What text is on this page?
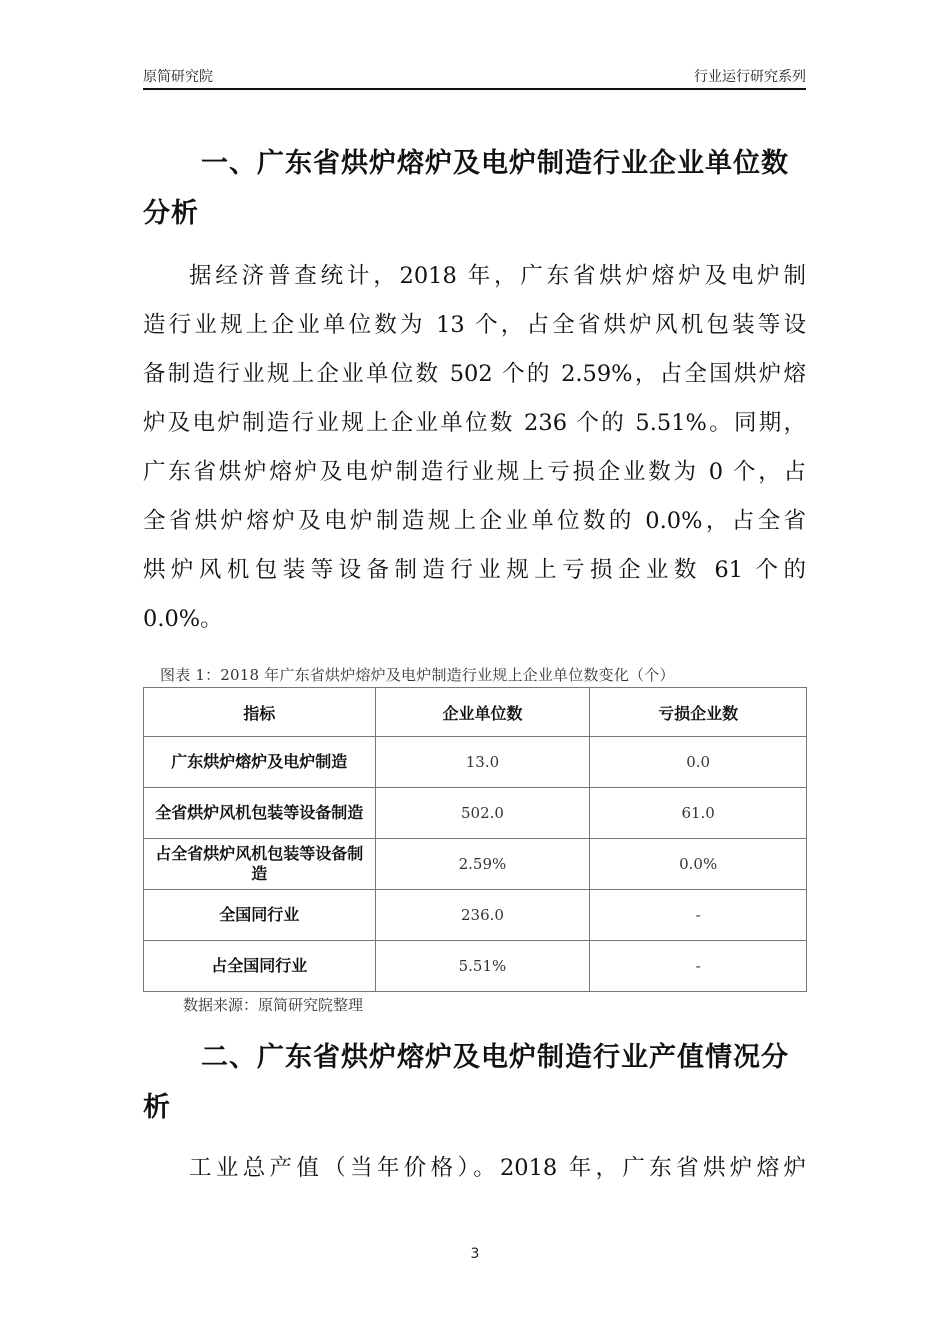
原简研究院	行业运行研究系列
一、广东省烘炉熔炉及电炉制造行业企业单位数
分析
据经济普查统计，2018 年，广东省烘炉熔炉及电炉制
造行业规上企业单位数为 13 个，占全省烘炉风机包装等设
备制造行业规上企业单位数 502 个的 2.59%，占全国烘炉熔
炉及电炉制造行业规上企业单位数 236 个的 5.51%。同期，
广东省烘炉熔炉及电炉制造行业规上亏损企业数为 0 个，占
全省烘炉熔炉及电炉制造规上企业单位数的 0.0%，占全省
烘炉风机包装等设备制造行业规上亏损企业数 61 个的
0.0%。
图表 1：2018 年广东省烘炉熔炉及电炉制造行业规上企业单位数变化（个）
指标	企业单位数	亏损企业数
广东烘炉熔炉及电炉制造	13.0	0.0
全省烘炉风机包装等设备制造	502.0	61.0
占全省烘炉风机包装等设备制造	2.59%	0.0%
全国同行业	236.0	-
占全国同行业	5.51%	-
数据来源：原简研究院整理
二、广东省烘炉熔炉及电炉制造行业产值情况分
析
工业总产值（当年价格）。2018 年，广东省烘炉熔炉
3
